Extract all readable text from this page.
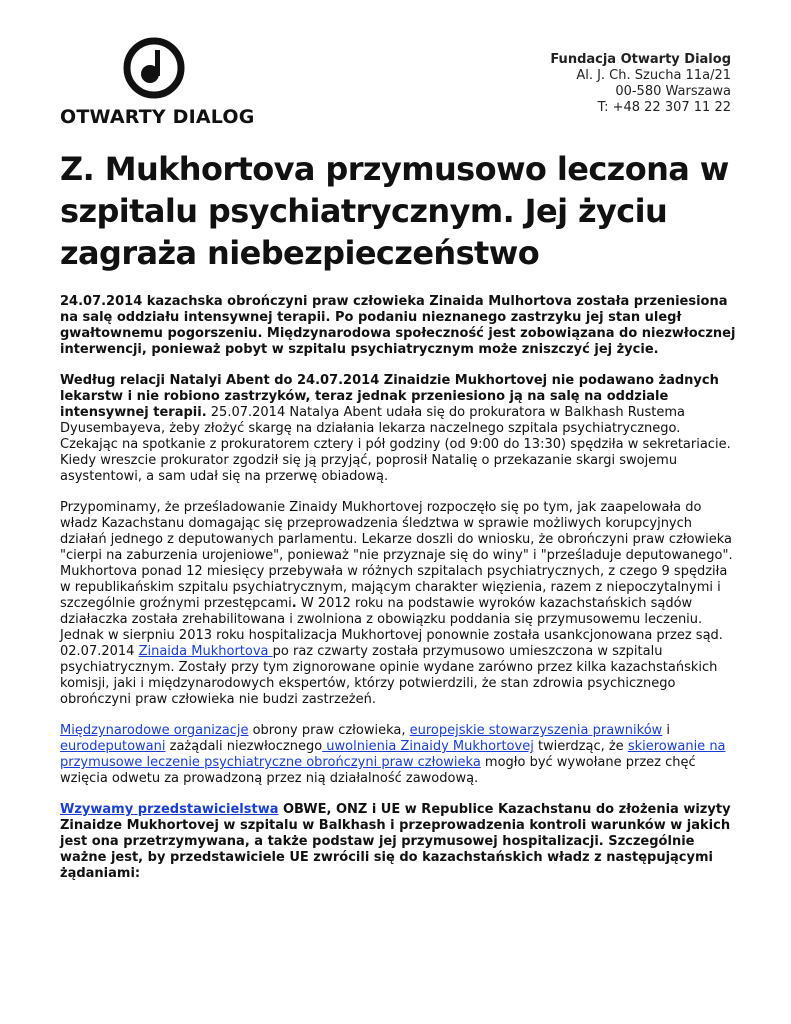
OTWARTY DIALOG
Fundacja Otwarty Dialog
Al. J. Ch. Szucha 11a/21
00-580 Warszawa
T: +48 22 307 11 22
Z. Mukhortova przymusowo leczona w szpitalu psychiatrycznym. Jej życiu zagraża niebezpieczeństwo

24.07.2014 kazachska obrończyni praw człowieka Zinaida Mulhortova została przeniesiona na salę oddziału intensywnej terapii. Po podaniu nieznanego zastrzyku jej stan uległ gwałtownemu pogorszeniu. Międzynarodowa społeczność jest zobowiązana do niezwłocznej interwencji, ponieważ pobyt w szpitalu psychiatrycznym może zniszczyć jej życie.

Według relacji Natalyi Abent do 24.07.2014 Zinaidzie Mukhortovej nie podawano żadnych lekarstw i nie robiono zastrzyków, teraz jednak przeniesiono ją na salę na oddziale intensywnej terapii. 25.07.2014 Natalya Abent udała się do prokuratora w Balkhash Rustema Dyusembayeva, żeby złożyć skargę na działania lekarza naczelnego szpitala psychiatrycznego. Czekając na spotkanie z prokuratorem cztery i pół godziny (od 9:00 do 13:30) spędziła w sekretariacie. Kiedy wreszcie prokurator zgodził się ją przyjąć, poprosił Natalię o przekazanie skargi swojemu asystentowi, a sam udał się na przerwę obiadową.

Przypominamy, że prześladowanie Zinaidy Mukhortovej rozpoczęło się po tym, jak zaapelowała do władz Kazachstanu domagając się przeprowadzenia śledztwa w sprawie możliwych korupcyjnych działań jednego z deputowanych parlamentu. Lekarze doszli do wniosku, że obrończyni praw człowieka "cierpi na zaburzenia urojeniowe", ponieważ "nie przyznaje się do winy" i "prześladuje deputowanego". Mukhortova ponad 12 miesięcy przebywała w różnych szpitalach psychiatrycznych, z czego 9 spędziła w republikańskim szpitalu psychiatrycznym, mającym charakter więzienia, razem z niepoczytalnymi i szczególnie groźnymi przestępcami. W 2012 roku na podstawie wyroków kazachstańskich sądów działaczka została zrehabilitowana i zwolniona z obowiązku poddania się przymusowemu leczeniu. Jednak w sierpniu 2013 roku hospitalizacja Mukhortovej ponownie została usankcjonowana przez sąd. 02.07.2014 Zinaida Mukhortova po raz czwarty została przymusowo umieszczona w szpitalu psychiatrycznym. Zostały przy tym zignorowane opinie wydane zarówno przez kilka kazachstańskich komisji, jaki i międzynarodowych ekspertów, którzy potwierdzili, że stan zdrowia psychicznego obrończyni praw człowieka nie budzi zastrzeżeń.

Międzynarodowe organizacje obrony praw człowieka, europejskie stowarzyszenia prawników i eurodeputowani zażądali niezwłocznego uwolnienia Zinaidy Mukhortovej twierdząc, że skierowanie na przymusowe leczenie psychiatryczne obrończyni praw człowieka mogło być wywołane przez chęć wzięcia odwetu za prowadzoną przez nią działalność zawodową.

Wzywamy przedstawicielstwa OBWE, ONZ i UE w Republice Kazachstanu do złożenia wizyty Zinaidze Mukhortovej w szpitalu w Balkhash i przeprowadzenia kontroli warunków w jakich jest ona przetrzymywana, a także podstaw jej przymusowej hospitalizacji. Szczególnie ważne jest, by przedstawiciele UE zwrócili się do kazachstańskich władz z następującymi żądaniami:
